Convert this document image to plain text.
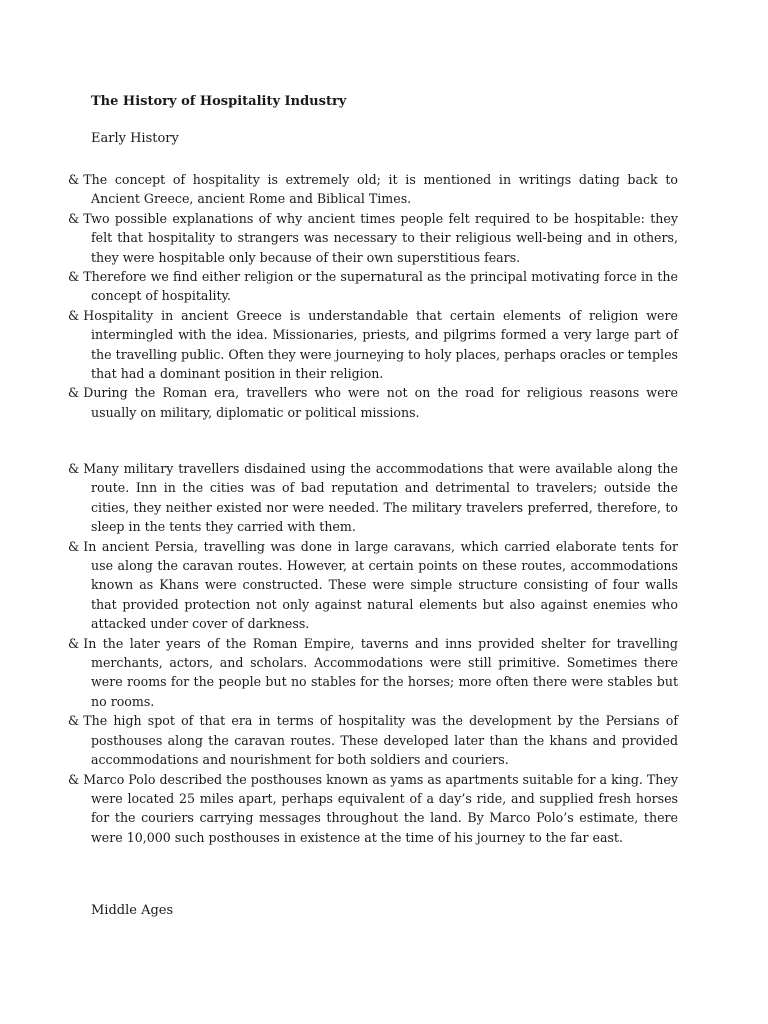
The History of Hospitality Industry
Early History
& The concept of hospitality is extremely old; it is mentioned in writings dating back to Ancient Greece, ancient Rome and Biblical Times.
& Two possible explanations of why ancient times people felt required to be hospitable: they felt that hospitality to strangers was necessary to their religious well-being and in others, they were hospitable only because of their own superstitious fears.
& Therefore we find either religion or the supernatural as the principal motivating force in the concept of hospitality.
& Hospitality in ancient Greece is understandable that certain elements of religion were intermingled with the idea. Missionaries, priests, and pilgrims formed a very large part of the travelling public. Often they were journeying to holy places, perhaps oracles or temples that had a dominant position in their religion.
& During the Roman era, travellers who were not on the road for religious reasons were usually on military, diplomatic or political missions.
& Many military travellers disdained using the accommodations that were available along the route. Inn in the cities was of bad reputation and detrimental to travelers; outside the cities, they neither existed nor were needed. The military travelers preferred, therefore, to sleep in the tents they carried with them.
& In ancient Persia, travelling was done in large caravans, which carried elaborate tents for use along the caravan routes. However, at certain points on these routes, accommodations known as Khans were constructed. These were simple structure consisting of four walls that provided protection not only against natural elements but also against enemies who attacked under cover of darkness.
& In the later years of the Roman Empire, taverns and inns provided shelter for travelling merchants, actors, and scholars. Accommodations were still primitive. Sometimes there were rooms for the people but no stables for the horses; more often there were stables but no rooms.
& The high spot of that era in terms of hospitality was the development by the Persians of posthouses along the caravan routes. These developed later than the khans and provided accommodations and nourishment for both soldiers and couriers.
& Marco Polo described the posthouses known as yams as apartments suitable for a king. They were located 25 miles apart, perhaps equivalent of a day’s ride, and supplied fresh horses for the couriers carrying messages throughout the land. By Marco Polo’s estimate, there were 10,000 such posthouses in existence at the time of his journey to the far east.
Middle Ages
